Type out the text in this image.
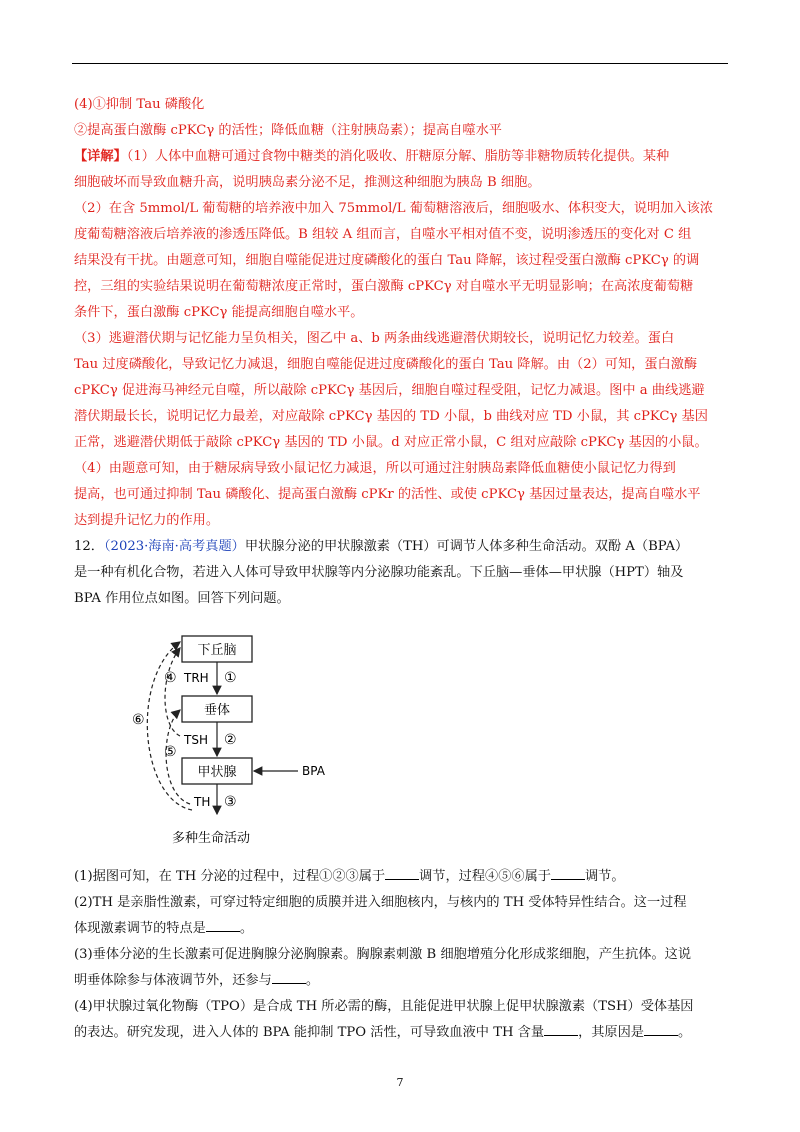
(4)①抑制 Tau 磷酸化
②提高蛋白激酶 cPKCγ 的活性；降低血糖（注射胰岛素）；提高自噬水平
【详解】（1）人体中血糖可通过食物中糖类的消化吸收、肝糖原分解、脂肪等非糖物质转化提供。某种
细胞破坏而导致血糖升高，说明胰岛素分泌不足，推测这种细胞为胰岛 B 细胞。
（2）在含 5mmol/L 葡萄糖的培养液中加入 75mmol/L 葡萄糖溶液后，细胞吸水、体积变大，说明加入该浓
度葡萄糖溶液后培养液的渗透压降低。B 组较 A 组而言，自噬水平相对值不变，说明渗透压的变化对 C 组
结果没有干扰。由题意可知，细胞自噬能促进过度磷酸化的蛋白 Tau 降解，该过程受蛋白激酶 cPKCγ 的调
控，三组的实验结果说明在葡萄糖浓度正常时，蛋白激酶 cPKCγ 对自噬水平无明显影响；在高浓度葡萄糖
条件下，蛋白激酶 cPKCγ 能提高细胞自噬水平。
（3）逃避潜伏期与记忆能力呈负相关，图乙中 a、b 两条曲线逃避潜伏期较长，说明记忆力较差。蛋白
Tau 过度磷酸化，导致记忆力减退，细胞自噬能促进过度磷酸化的蛋白 Tau 降解。由（2）可知，蛋白激酶
cPKCγ 促进海马神经元自噬，所以敲除 cPKCγ 基因后，细胞自噬过程受阻，记忆力减退。图中 a 曲线逃避
潜伏期最长长，说明记忆力最差，对应敲除 cPKCγ 基因的 TD 小鼠，b 曲线对应 TD 小鼠，其 cPKCγ 基因
正常，逃避潜伏期低于敲除 cPKCγ 基因的 TD 小鼠。d 对应正常小鼠，C 组对应敲除 cPKCγ 基因的小鼠。
（4）由题意可知，由于糖尿病导致小鼠记忆力减退，所以可通过注射胰岛素降低血糖使小鼠记忆力得到
提高，也可通过抑制 Tau 磷酸化、提高蛋白激酶 cPKr 的活性、或使 cPKCγ 基因过量表达，提高自噬水平
达到提升记忆力的作用。
12．（2023·海南·高考真题）甲状腺分泌的甲状腺激素（TH）可调节人体多种生命活动。双酚 A（BPA）
是一种有机化合物，若进入人体可导致甲状腺等内分泌腺功能紊乱。下丘脑—垂体—甲状腺（HPT）轴及
BPA 作用位点如图。回答下列问题。
下丘脑
垂体
甲状腺
TRH ①
TSH ②
TH ③
BPA
④
⑤
⑥
多种生命活动
(1)据图可知，在 TH 分泌的过程中，过程①②③属于	调节，过程④⑤⑥属于	调节。
(2)TH 是亲脂性激素，可穿过特定细胞的质膜并进入细胞核内，与核内的 TH 受体特异性结合。这一过程
体现激素调节的特点是	。
(3)垂体分泌的生长激素可促进胸腺分泌胸腺素。胸腺素刺激 B 细胞增殖分化形成浆细胞，产生抗体。这说
明垂体除参与体液调节外，还参与	。
(4)甲状腺过氧化物酶（TPO）是合成 TH 所必需的酶，且能促进甲状腺上促甲状腺激素（TSH）受体基因
的表达。研究发现，进入人体的 BPA 能抑制 TPO 活性，可导致血液中 TH 含量	，其原因是	。
7
